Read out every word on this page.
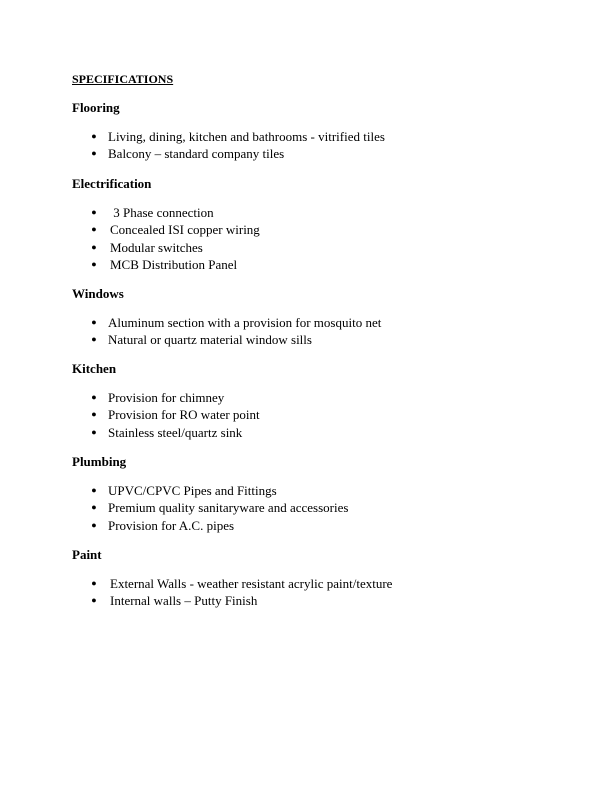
SPECIFICATIONS
Flooring
● Living, dining, kitchen and bathrooms - vitrified tiles
● Balcony – standard company tiles
Electrification
● 3 Phase connection
● Concealed ISI copper wiring
● Modular switches
● MCB Distribution Panel
Windows
● Aluminum section with a provision for mosquito net
● Natural or quartz material window sills
Kitchen
● Provision for chimney
● Provision for RO water point
● Stainless steel/quartz sink
Plumbing
● UPVC/CPVC Pipes and Fittings
● Premium quality sanitaryware and accessories
● Provision for A.C. pipes
Paint
● External Walls - weather resistant acrylic paint/texture
● Internal walls – Putty Finish
